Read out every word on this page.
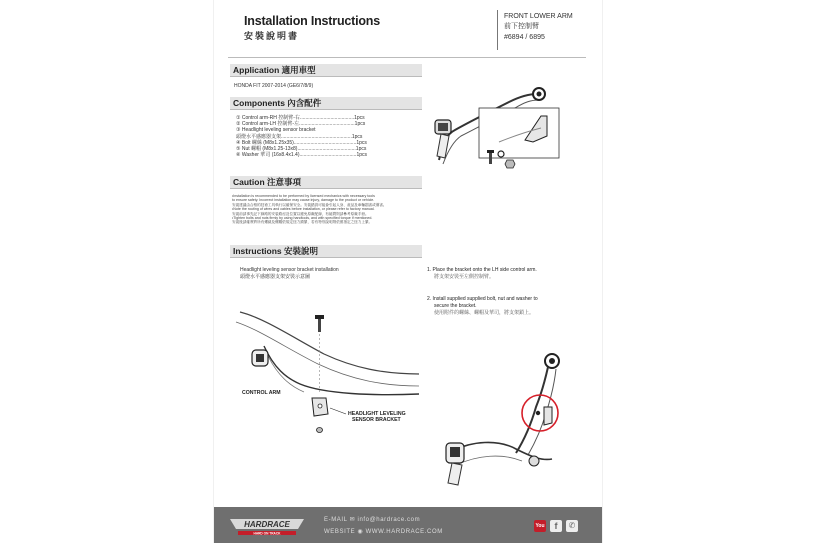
Installation Instructions
安裝說明書
FRONT LOWER ARM
前下控制臂
#6894 / 6895
Application 適用車型
HONDA FIT 2007-2014 (GE6/7/8/9)
Components 內含配件
① Control arm-RH 控制臂-右.......................................1pcs
② Control arm-LH 控制臂-左........................................1pcs
③ Headlight leveling sensor bracket
頭燈水平感應器支架...................................................1pcs
④ Bolt 螺絲 (M8x1.25x35).............................................1pcs
⑤ Nut 螺帽 (M8x1.25-13x8)..........................................1pcs
⑥ Washer 華司 (16x8.4x1.4).........................................1pcs
Caution 注意事項
•Installation is recommended to be performed by licensed mechanics with necessary tools
to ensure safety. Incorrect installation may cause injury, damage to the product or vehicle.
安裝建議由合格的技術工具執行以確保安全。安裝錯誤可能會引起人身、產品及車輛損害或傷害。
•Note the routing of wires and cables before installation, or please refer to factory manual.
安裝前請事先記下線路的安裝路徑及位置以避免原廠配線，有疑問則請參考原廠手冊。
•Tighten bolts and nuts firmly by using handtools, and with specified torque if mentioned.
安裝後請確實將所有螺絲及螺帽依規定扭力鎖緊，若有特別說明則依照指定之扭力上緊。
Instructions 安裝說明
Headlight leveling sensor bracket installation
頭燈水平感應器支架安裝示意圖
CONTROL ARM
HEADLIGHT LEVELING
SENSOR BRACKET
1. Place the bracket onto the LH side control arm.
將支架安裝至左側控制臂。
2. Install supplied supplied bolt, nut and washer to
secure the bracket.
使用附件的螺絲、螺帽及華司，將支架鎖上。
HARDRACE
HARD ON TRACK
E-MAIL ✉ info@hardrace.com
WEBSITE ◉ WWW.HARDRACE.COM
You	f	✆
